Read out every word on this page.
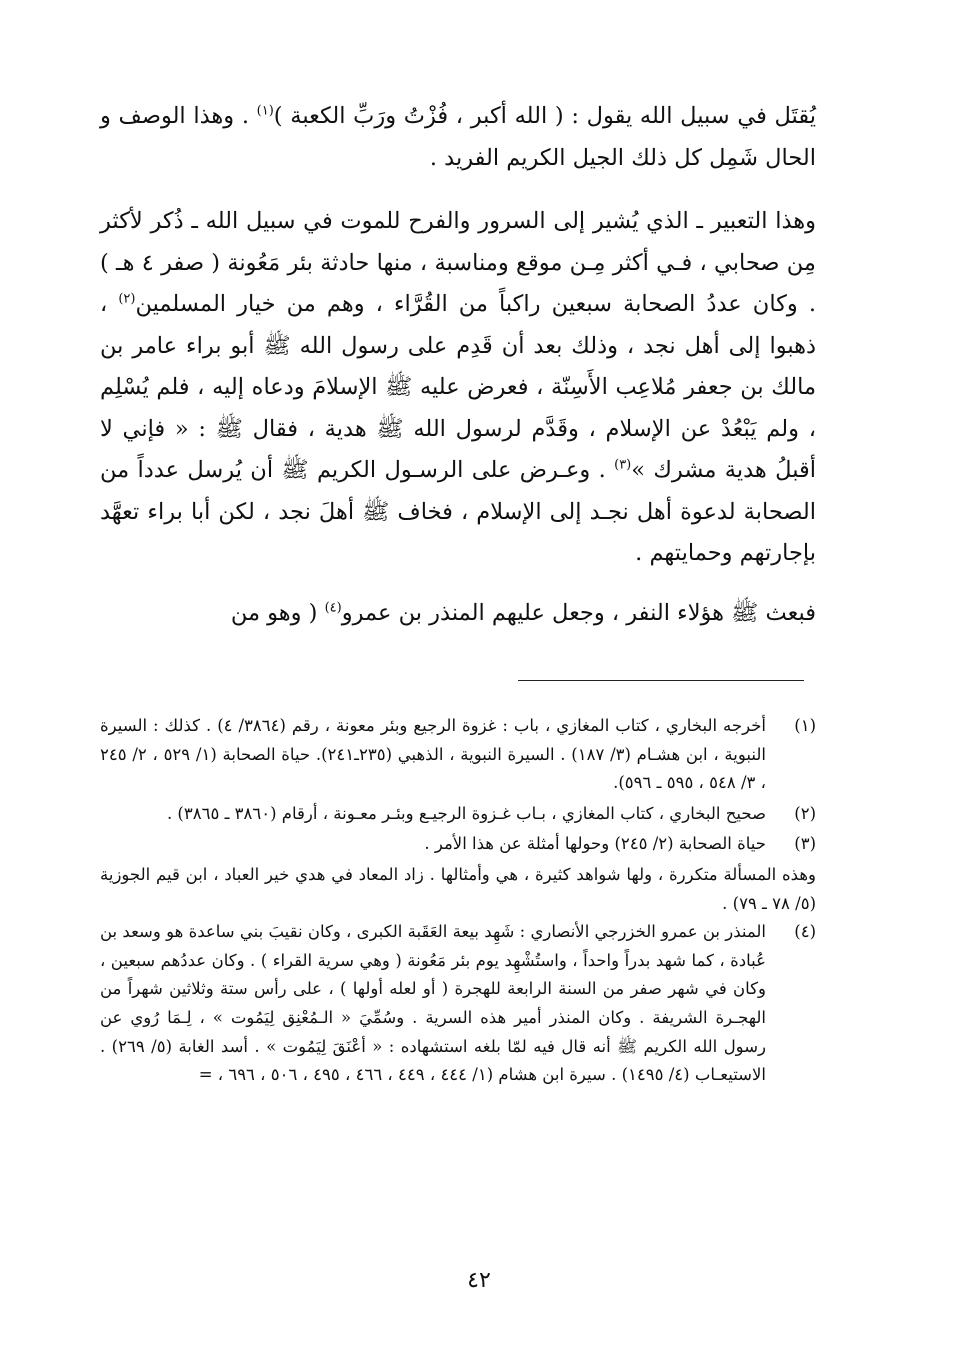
يُقتَل في سبيل الله يقول : ( الله أكبر ، فُزْتُ ورَبِّ الكعبة )$^{(١)}$ . وهذا الوصف و الحال شَمِل كل ذلك الجيل الكريم الفريد .

وهذا التعبير ـ الذي يُشير إلى السرور والفرح للموت في سبيل الله ـ ذُكر لأكثر مِن صحابي ، فـي أكثر مِـن موقع ومناسبة ، منها حادثة بئر مَعُونة ( صفر ٤ هـ ) . وكان عددُ الصحابة سبعين راكباً من القُرَّاء ، وهم من خيار المسلمين$^{(٢)}$ ، ذهبوا إلى أهل نجد ، وذلك بعد أن قَدِم على رسول الله ﷺ أبو براء عامر بن مالك بن جعفر مُلاعِب الأَسِنّة ، فعرض عليه ﷺ الإسلامَ ودعاه إليه ، فلم يُسْلِم ، ولم يَبْعُدْ عن الإسلام ، وقَدَّم لرسول الله ﷺ هدية ، فقال ﷺ : « فإني لا أقبلُ هدية مشرك »$^{(٣)}$ . وعـرض على الرسـول الكريم ﷺ أن يُرسل عدداً من الصحابة لدعوة أهل نجـد إلى الإسلام ، فخاف ﷺ أهلَ نجد ، لكن أبا براء تعهَّد بإجارتهم وحمايتهم .

فبعث ﷺ هؤلاء النفر ، وجعل عليهم المنذر بن عمرو$^{(٤)}$ ( وهو من

(١)
أخرجه البخاري ، كتاب المغازي ، باب : غزوة الرجيع وبئر معونة ، رقم (٣٨٦٤/ ٤) . كذلك : السيرة النبوية ، ابن هشـام (٣/ ١٨٧) . السيرة النبوية ، الذهبي (٢٣٥ـ٢٤١). حياة الصحابة (١/ ٥٢٩ ، ٢/ ٢٤٥ ، ٣/ ٥٤٨ ، ٥٩٥ ـ ٥٩٦).
(٢)
صحيح البخاري ، كتاب المغازي ، بـاب غـزوة الرجيـع وبئـر معـونة ، أرقام (٣٨٦٠ ـ ٣٨٦٥) .
(٣)
حياة الصحابة (٢/ ٢٤٥) وحولها أمثلة عن هذا الأمر .
وهذه المسألة متكررة ، ولها شواهد كثيرة ، هي وأمثالها . زاد المعاد في هدي خير العباد ، ابن قيم الجوزية (٥/ ٧٨ ـ ٧٩) .
(٤)
المنذر بن عمرو الخزرجي الأنصاري : شَهِد بيعة العَقَبة الكبرى ، وكان نقيبَ بني ساعدة هو وسعد بن عُبادة ، كما شهد بدراً واحداً ، واستُشْهِد يوم بئر مَعُونة ( وهي سرية القراء ) . وكان عددُهم سبعين ، وكان في شهر صفر من السنة الرابعة للهجرة ( أو لعله أولها ) ، على رأس ستة وثلاثين شهراً من الهجـرة الشريفة . وكان المنذر أمير هذه السرية . وسُمِّيَ « الـمُعْنِق لِيَمُوت » ، لِـمَا رُوي عن رسول الله الكريم ﷺ أنه قال فيه لمّا بلغه استشهاده : « أعْنَقَ لِيَمُوت » . أسد الغابة (٥/ ٢٦٩) . الاستيعـاب (٤/ ١٤٩٥) . سيرة ابن هشام (١/ ٤٤٤ ، ٤٤٩ ، ٤٦٦ ، ٤٩٥ ، ٥٠٦ ، ٦٩٦ ، =
٤٢
